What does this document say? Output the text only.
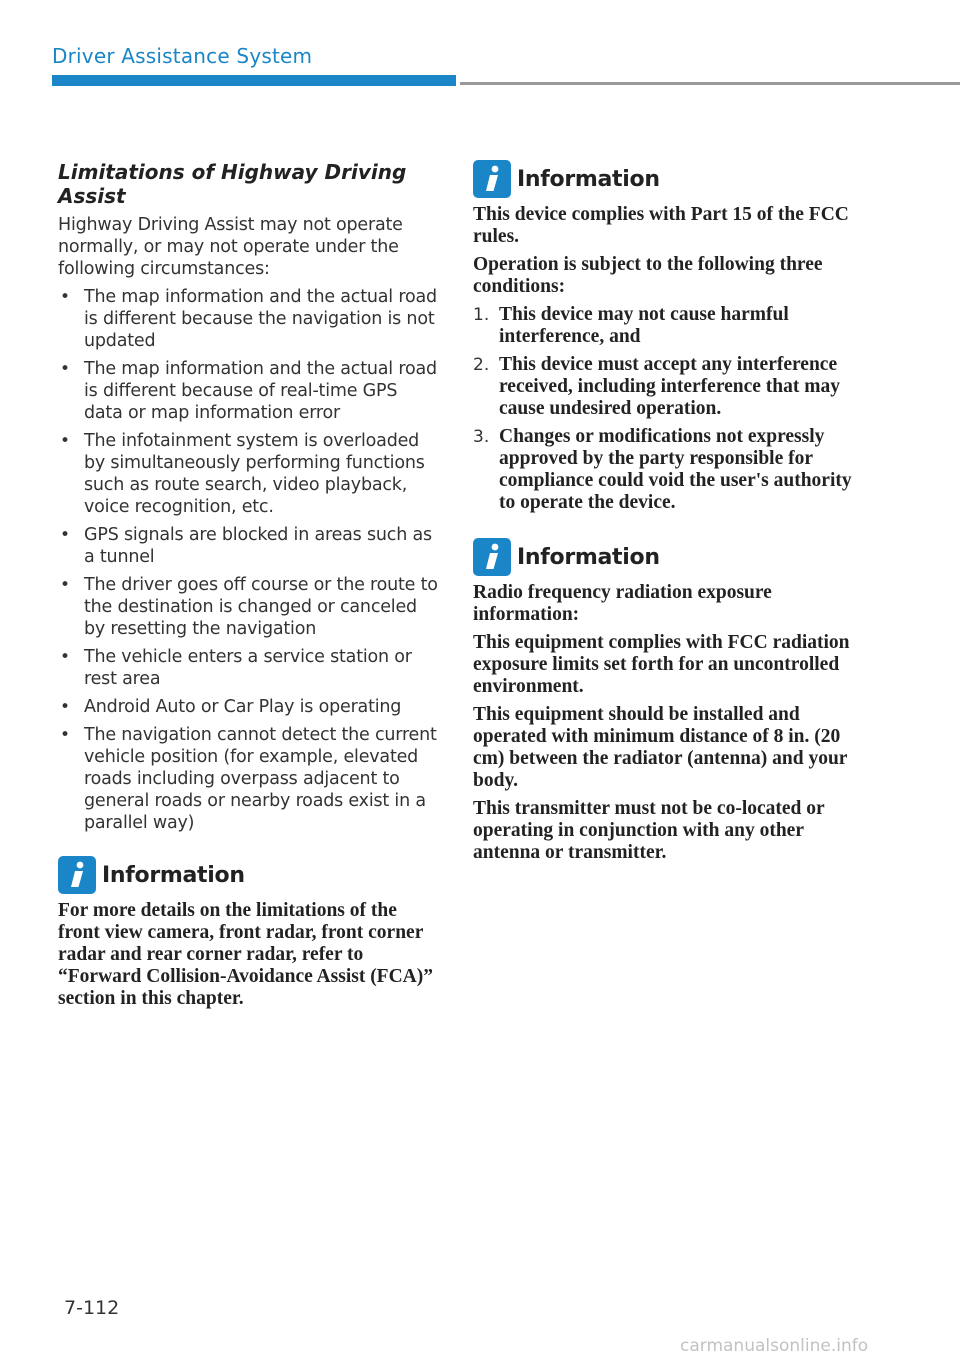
Driver Assistance System
Limitations of Highway Driving Assist

Highway Driving Assist may not operate normally, or may not operate under the following circumstances:

• The map information and the actual road is different because the navigation is not updated
• The map information and the actual road is different because of real-time GPS data or map information error
• The infotainment system is overloaded by simultaneously performing functions such as route search, video playback, voice recognition, etc.
• GPS signals are blocked in areas such as a tunnel
• The driver goes off course or the route to the destination is changed or canceled by resetting the navigation
• The vehicle enters a service station or rest area
• Android Auto or Car Play is operating
• The navigation cannot detect the current vehicle position (for example, elevated roads including overpass adjacent to general roads or nearby roads exist in a parallel way)
Information

For more details on the limitations of the front view camera, front radar, front corner radar and rear corner radar, refer to “Forward Collision-Avoidance Assist (FCA)” section in this chapter.

Information

This device complies with Part 15 of the FCC rules.

Operation is subject to the following three conditions:

1. This device may not cause harmful interference, and
2. This device must accept any interference received, including interference that may cause undesired operation.
3. Changes or modifications not expressly approved by the party responsible for compliance could void the user's authority to operate the device.
Information

Radio frequency radiation exposure information:

This equipment complies with FCC radiation exposure limits set forth for an uncontrolled environment.

This equipment should be installed and operated with minimum distance of 8 in. (20 cm) between the radiator (antenna) and your body.

This transmitter must not be co-located or operating in conjunction with any other antenna or transmitter.

7-112
carmanualsonline.info
